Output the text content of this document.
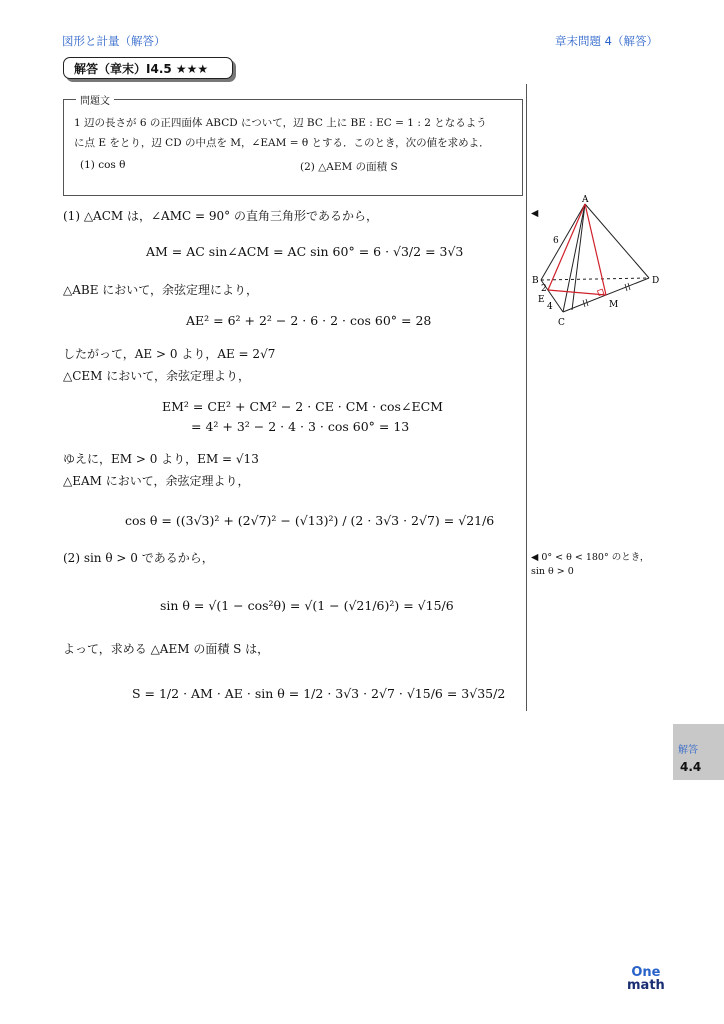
図形と計量（解答）	章末問題 4（解答）
解答（章末）I4.5 ★★★
問題文
1 辺の長さが 6 の正四面体 ABCD について，辺 BC 上に BE : EC = 1 : 2 となるよう
に点 E をとり，辺 CD の中点を M，∠EAM = θ とする．このとき，次の値を求めよ．
(1) cos θ	(2) △AEM の面積 S
(1) △ACM は，∠AMC = 90° の直角三角形であるから，
AM = AC sin∠ACM = AC sin 60° = 6 · √3/2 = 3√3
△ABE において，余弦定理により，
AE² = 6² + 2² − 2 · 6 · 2 · cos 60° = 28
したがって，AE > 0 より，AE = 2√7
△CEM において，余弦定理より，
EM² = CE² + CM² − 2 · CE · CM · cos∠ECM
= 4² + 3² − 2 · 4 · 3 · cos 60° = 13
ゆえに，EM > 0 より，EM = √13
△EAM において，余弦定理より，
cos θ = ((3√3)² + (2√7)² − (√13)²) / (2 · 3√3 · 2√7) = √21/6
(2) sin θ > 0 であるから，
sin θ = √(1 − cos²θ) = √(1 − (√21/6)²) = √15/6
よって，求める △AEM の面積 S は，
S = 1/2 · AM · AE · sin θ = 1/2 · 3√3 · 2√7 · √15/6 = 3√35/2
◀
◀ 0° < θ < 180° のとき，
sin θ > 0
A
B
C
D
E	M
6
2
4
解答
4.4
One
math
